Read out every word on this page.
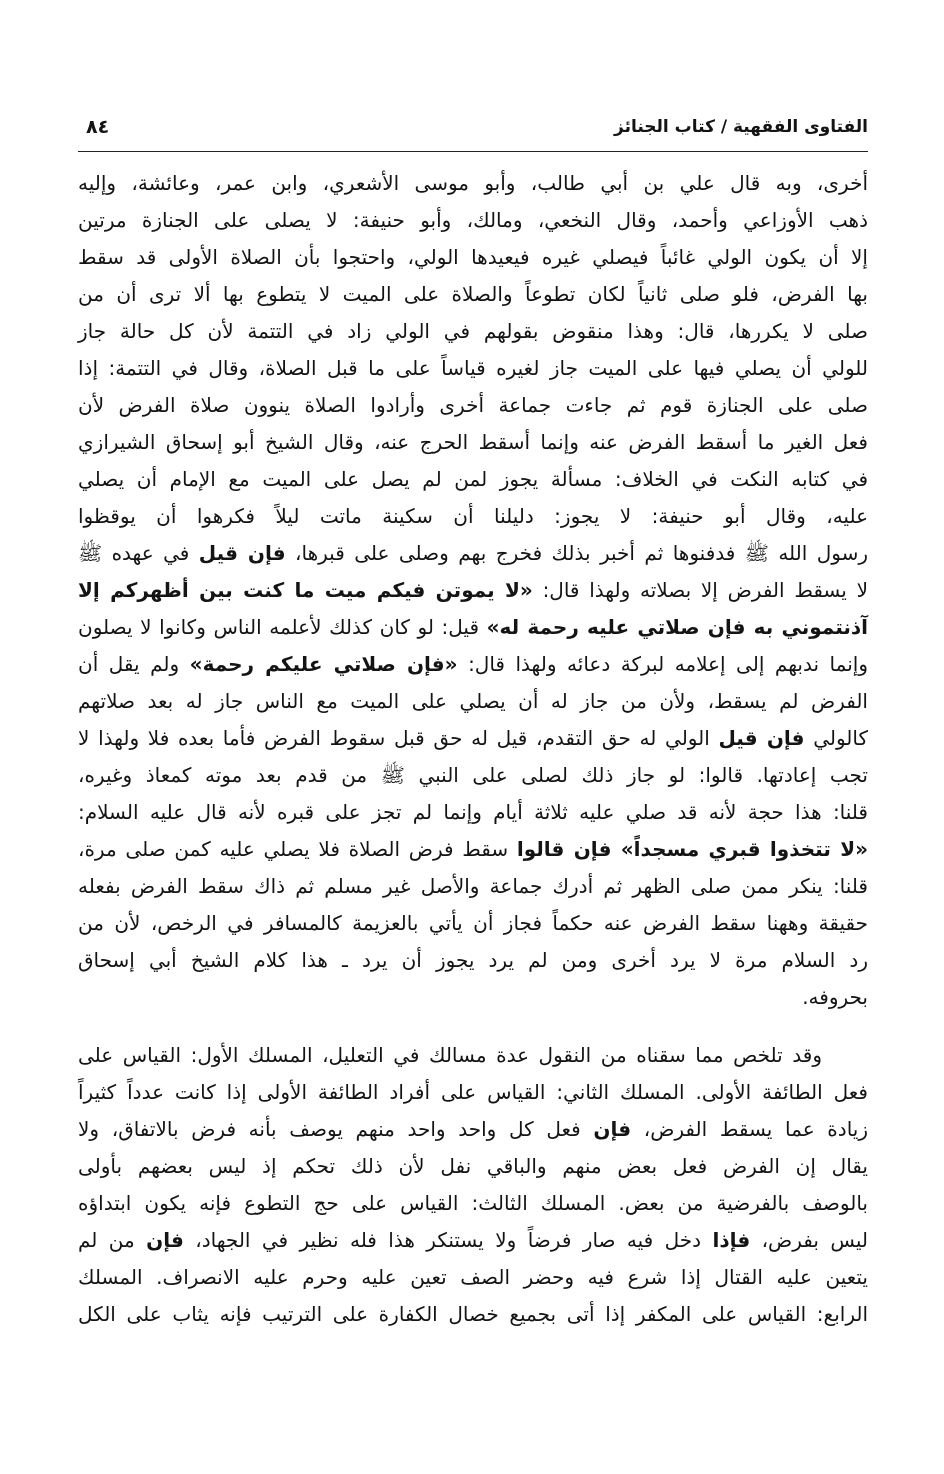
الفتاوى الفقهية / كتاب الجنائز
٨٤
أخرى، وبه قال علي بن أبي طالب، وأبو موسى الأشعري، وابن عمر، وعائشة، وإليه
ذهب الأوزاعي وأحمد، وقال النخعي، ومالك، وأبو حنيفة: لا يصلى على الجنازة مرتين
إلا أن يكون الولي غائباً فيصلي غيره فيعيدها الولي، واحتجوا بأن الصلاة الأولى قد سقط
بها الفرض، فلو صلى ثانياً لكان تطوعاً والصلاة على الميت لا يتطوع بها ألا ترى أن من
صلى لا يكررها، قال: وهذا منقوض بقولهم في الولي زاد في التتمة لأن كل حالة جاز
للولي أن يصلي فيها على الميت جاز لغيره قياساً على ما قبل الصلاة، وقال في التتمة: إذا
صلى على الجنازة قوم ثم جاءت جماعة أخرى وأرادوا الصلاة ينوون صلاة الفرض لأن
فعل الغير ما أسقط الفرض عنه وإنما أسقط الحرج عنه، وقال الشيخ أبو إسحاق الشيرازي
في كتابه النكت في الخلاف: مسألة يجوز لمن لم يصل على الميت مع الإمام أن يصلي
عليه، وقال أبو حنيفة: لا يجوز: دليلنا أن سكينة ماتت ليلاً فكرهوا أن يوقظوا
رسول الله ﷺ فدفنوها ثم أخبر بذلك فخرج بهم وصلى على قبرها، فإن قيل في عهده ﷺ
لا يسقط الفرض إلا بصلاته ولهذا قال: «لا يموتن فيكم ميت ما كنت بين أظهركم إلا
آذنتموني به فإن صلاتي عليه رحمة له» قيل: لو كان كذلك لأعلمه الناس وكانوا لا يصلون
وإنما ندبهم إلى إعلامه لبركة دعائه ولهذا قال: «فإن صلاتي عليكم رحمة» ولم يقل أن
الفرض لم يسقط، ولأن من جاز له أن يصلي على الميت مع الناس جاز له بعد صلاتهم
كالولي فإن قيل الولي له حق التقدم، قيل له حق قبل سقوط الفرض فأما بعده فلا ولهذا لا
تجب إعادتها. قالوا: لو جاز ذلك لصلى على النبي ﷺ من قدم بعد موته كمعاذ وغيره،
قلنا: هذا حجة لأنه قد صلي عليه ثلاثة أيام وإنما لم تجز على قبره لأنه قال عليه السلام:
«لا تتخذوا قبري مسجداً» فإن قالوا سقط فرض الصلاة فلا يصلي عليه كمن صلى مرة،
قلنا: ينكر ممن صلى الظهر ثم أدرك جماعة والأصل غير مسلم ثم ذاك سقط الفرض بفعله
حقيقة وههنا سقط الفرض عنه حكماً فجاز أن يأتي بالعزيمة كالمسافر في الرخص، لأن من
رد السلام مرة لا يرد أخرى ومن لم يرد يجوز أن يرد ـ هذا كلام الشيخ أبي إسحاق
بحروفه.
وقد تلخص مما سقناه من النقول عدة مسالك في التعليل، المسلك الأول: القياس على
فعل الطائفة الأولى. المسلك الثاني: القياس على أفراد الطائفة الأولى إذا كانت عدداً كثيراً
زيادة عما يسقط الفرض، فإن فعل كل واحد واحد منهم يوصف بأنه فرض بالاتفاق، ولا
يقال إن الفرض فعل بعض منهم والباقي نفل لأن ذلك تحكم إذ ليس بعضهم بأولى
بالوصف بالفرضية من بعض. المسلك الثالث: القياس على حج التطوع فإنه يكون ابتداؤه
ليس بفرض، فإذا دخل فيه صار فرضاً ولا يستنكر هذا فله نظير في الجهاد، فإن من لم
يتعين عليه القتال إذا شرع فيه وحضر الصف تعين عليه وحرم عليه الانصراف. المسلك
الرابع: القياس على المكفر إذا أتى بجميع خصال الكفارة على الترتيب فإنه يثاب على الكل
